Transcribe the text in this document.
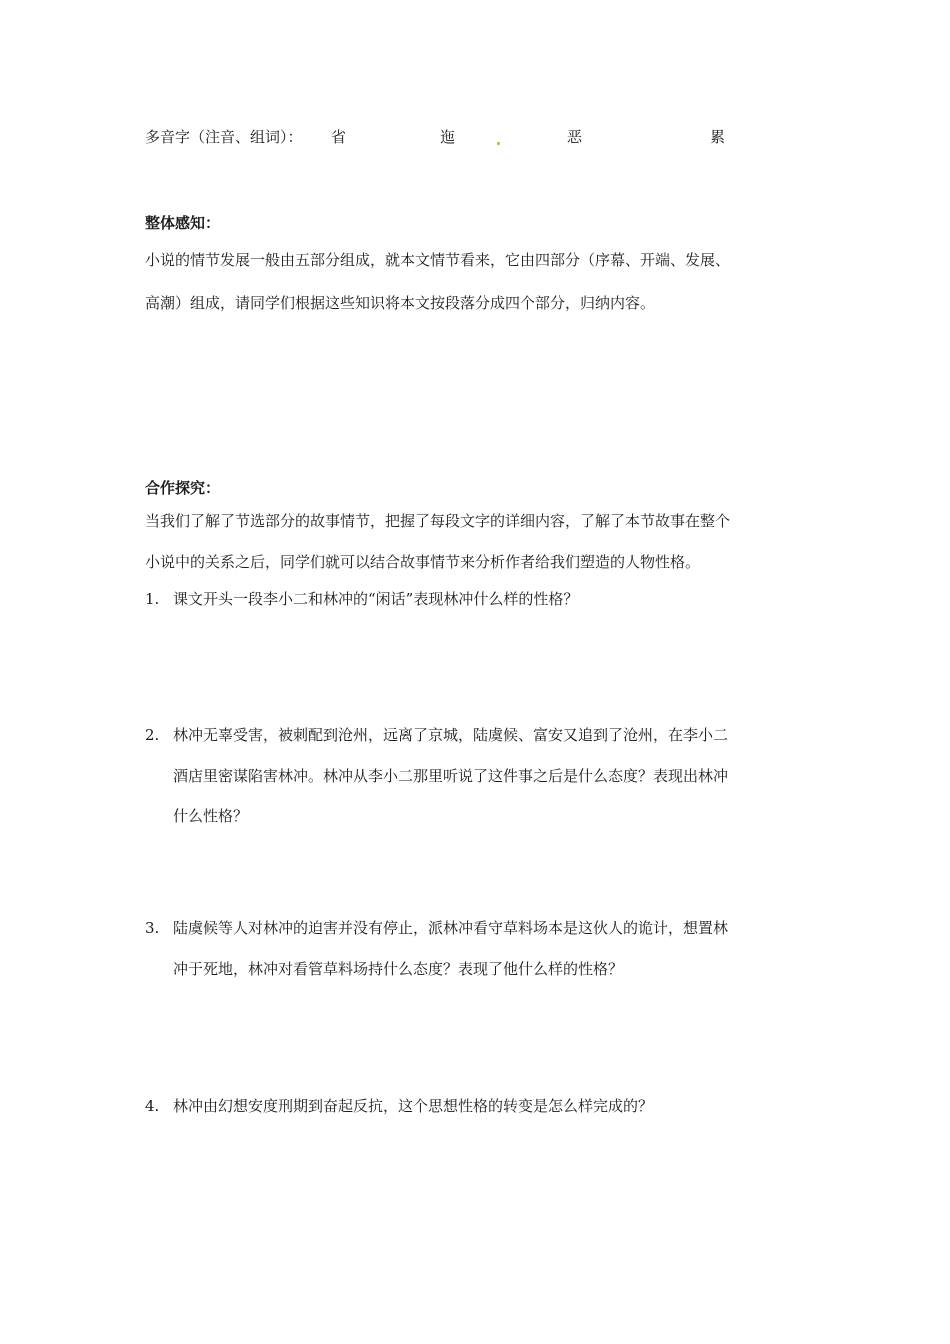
多音字（注音、组词）： 省	迤	恶	累
整体感知：
小说的情节发展一般由五部分组成，就本文情节看来，它由四部分（序幕、开端、发展、
高潮）组成，请同学们根据这些知识将本文按段落分成四个部分，归纳内容。
合作探究：
当我们了解了节选部分的故事情节，把握了每段文字的详细内容，了解了本节故事在整个
小说中的关系之后，同学们就可以结合故事情节来分析作者给我们塑造的人物性格。
1. 课文开头一段李小二和林冲的“闲话”表现林冲什么样的性格？
2. 林冲无辜受害，被刺配到沧州，远离了京城，陆虞候、富安又追到了沧州，在李小二
酒店里密谋陷害林冲。林冲从李小二那里听说了这件事之后是什么态度？表现出林冲
什么性格？
3. 陆虞候等人对林冲的迫害并没有停止，派林冲看守草料场本是这伙人的诡计，想置林
冲于死地，林冲对看管草料场持什么态度？表现了他什么样的性格？
4. 林冲由幻想安度刑期到奋起反抗，这个思想性格的转变是怎么样完成的？
